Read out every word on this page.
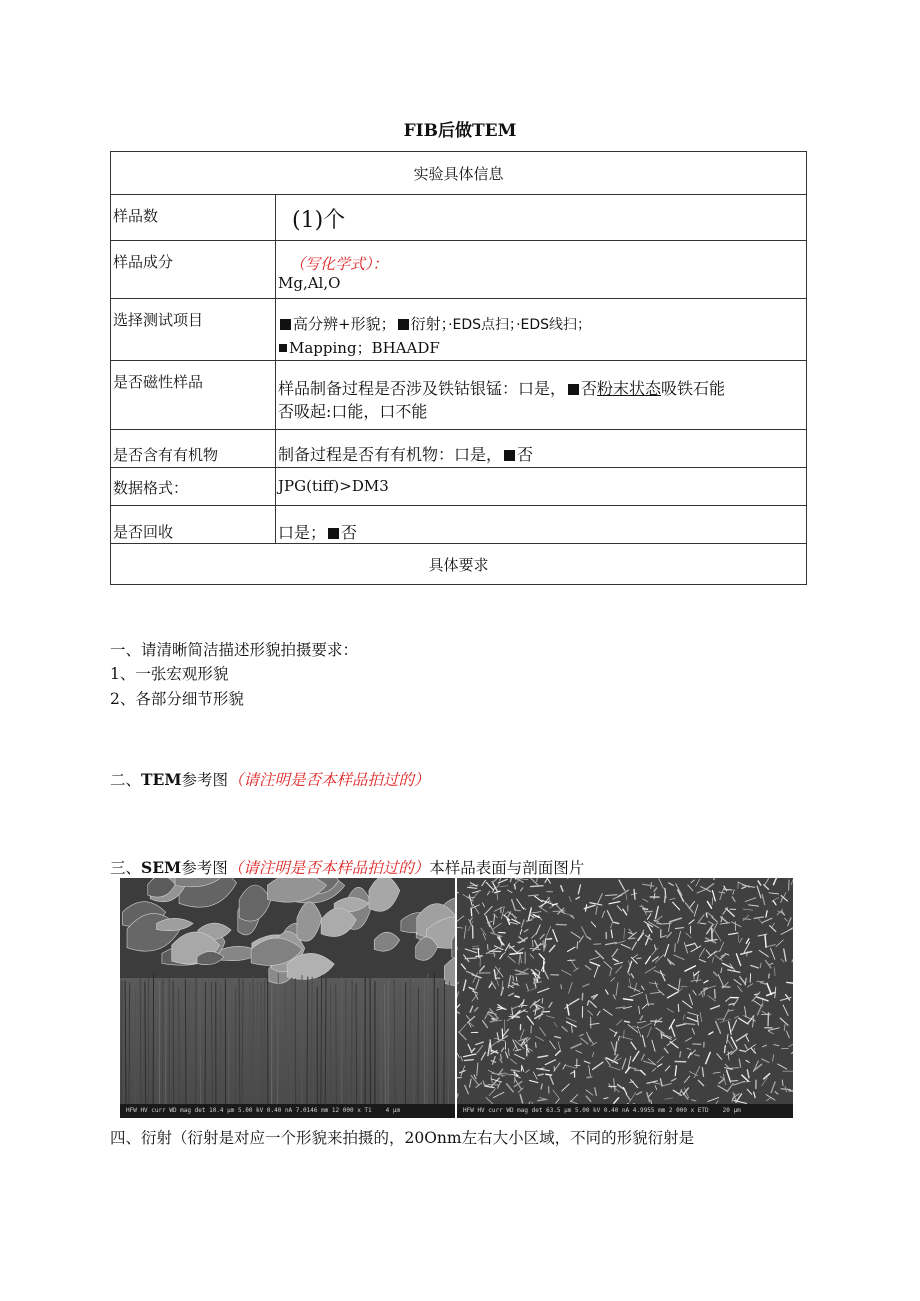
FIB后做TEM
实验具体信息	
样品数	(1)个

样品成分	（写化学式）：
Mg,Al,O

选择测试项目	高分辨+形貌； 衍射；·EDS点扫；·EDS线扫；
Mapping；BHAADF

是否磁性样品	样品制备过程是否涉及铁钴银锰：口是， 否粉末状态吸铁石能
否吸起:口能，口不能

是否含有有机物	制备过程是否有有机物：口是， 否

数据格式：	JPG(tiff)>DM3

是否回收	口是； 否

具体要求	
一、请清晰简洁描述形貌拍摄要求：
1、一张宏观形貌
2、各部分细节形貌
二、TEM参考图（请注明是否本样品拍过的）
三、SEM参考图（请注明是否本样品拍过的）本样品表面与剖面图片
HFW HV curr WD mag det 10.4 µm 5.00 kV 0.40 nA 7.0146 mm 12 000 x T1 4 µm	HFW HV curr WD mag det 63.5 µm 5.00 kV 0.40 nA 4.9955 mm 2 000 x ETD 20 µm
四、衍射（衍射是对应一个形貌来拍摄的，20Onm左右大小区域，不同的形貌衍射是
